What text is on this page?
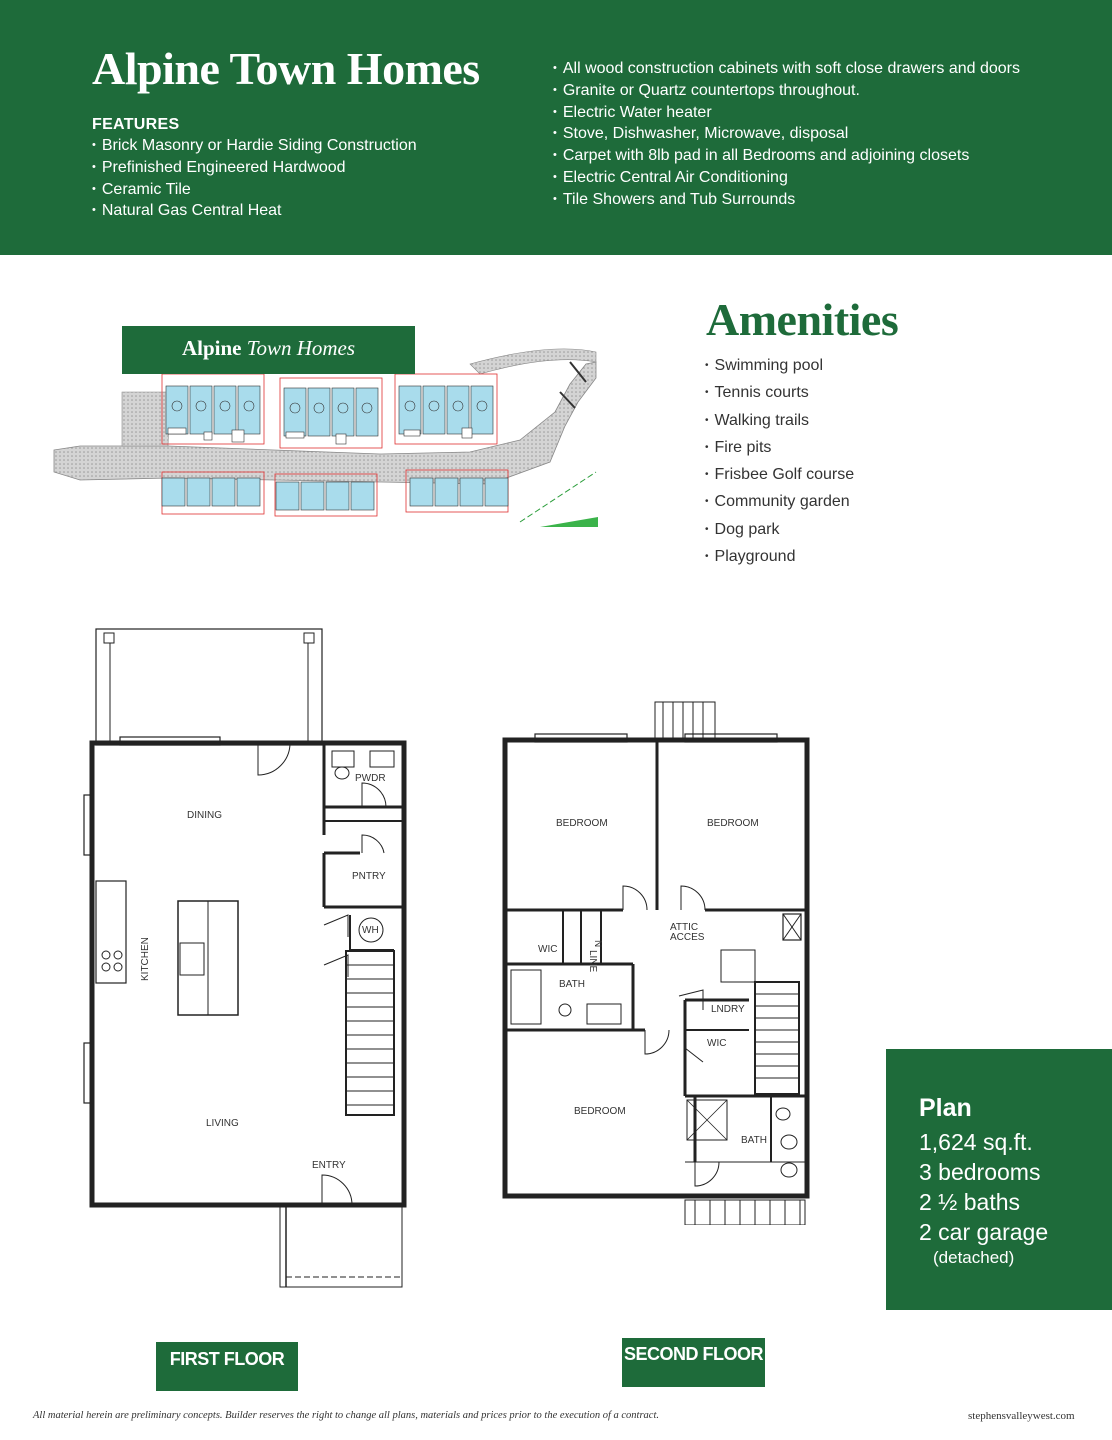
Alpine Town Homes
FEATURES
• Brick Masonry or Hardie Siding Construction
• Prefinished Engineered Hardwood
• Ceramic Tile
• Natural Gas Central Heat
• All wood construction cabinets with soft close drawers and doors
• Granite or Quartz countertops throughout.
• Electric Water heater
• Stove, Dishwasher, Microwave, disposal
• Carpet with 8lb pad in all Bedrooms and adjoining closets
• Electric Central Air Conditioning
• Tile Showers and Tub Surrounds
Alpine Town Homes
Amenities
• Swimming pool
• Tennis courts
• Walking trails
• Fire pits
• Frisbee Golf course
• Community garden
• Dog park
• Playground
DINING
PWDR
PNTRY
WH
KITCHEN
LIVING
ENTRY
BEDROOM	BEDROOM
BEDROOM
WIC
WIC
LINE
N
ATTIC
ACCES
BATH
BATH
LNDRY
Plan
1,624 sq.ft.
3 bedrooms
2 ½ baths
2 car garage
(detached)
FIRST FLOOR	SECOND FLOOR
All material herein are preliminary concepts. Builder reserves the right to change all plans, materials and prices prior to the execution of a contract.	stephensvalleywest.com
